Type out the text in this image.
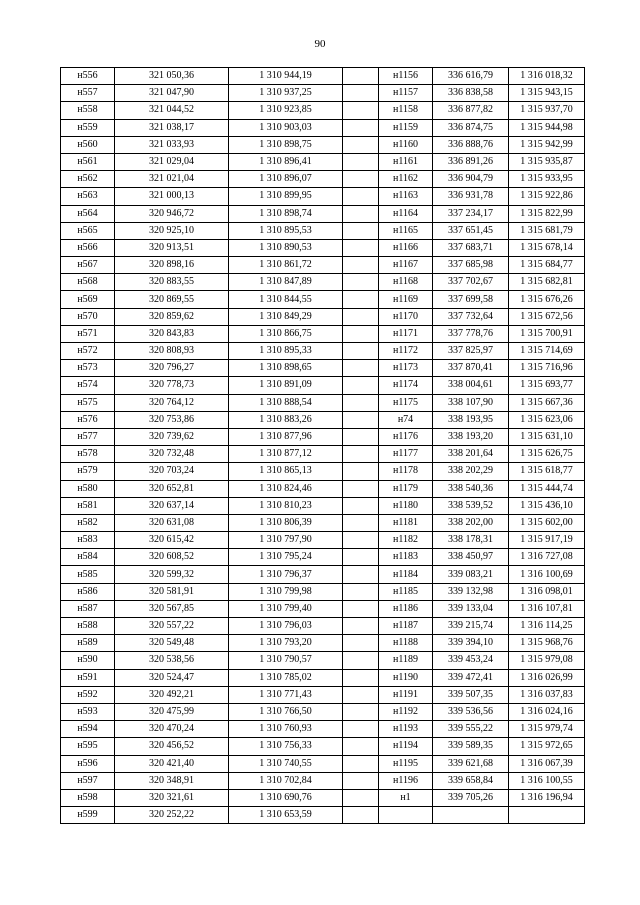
90
н556	321 050,36	1 310 944,19		н1156	336 616,79	1 316 018,32
н557	321 047,90	1 310 937,25		н1157	336 838,58	1 315 943,15
н558	321 044,52	1 310 923,85		н1158	336 877,82	1 315 937,70
н559	321 038,17	1 310 903,03		н1159	336 874,75	1 315 944,98
н560	321 033,93	1 310 898,75		н1160	336 888,76	1 315 942,99
н561	321 029,04	1 310 896,41		н1161	336 891,26	1 315 935,87
н562	321 021,04	1 310 896,07		н1162	336 904,79	1 315 933,95
н563	321 000,13	1 310 899,95		н1163	336 931,78	1 315 922,86
н564	320 946,72	1 310 898,74		н1164	337 234,17	1 315 822,99
н565	320 925,10	1 310 895,53		н1165	337 651,45	1 315 681,79
н566	320 913,51	1 310 890,53		н1166	337 683,71	1 315 678,14
н567	320 898,16	1 310 861,72		н1167	337 685,98	1 315 684,77
н568	320 883,55	1 310 847,89		н1168	337 702,67	1 315 682,81
н569	320 869,55	1 310 844,55		н1169	337 699,58	1 315 676,26
н570	320 859,62	1 310 849,29		н1170	337 732,64	1 315 672,56
н571	320 843,83	1 310 866,75		н1171	337 778,76	1 315 700,91
н572	320 808,93	1 310 895,33		н1172	337 825,97	1 315 714,69
н573	320 796,27	1 310 898,65		н1173	337 870,41	1 315 716,96
н574	320 778,73	1 310 891,09		н1174	338 004,61	1 315 693,77
н575	320 764,12	1 310 888,54		н1175	338 107,90	1 315 667,36
н576	320 753,86	1 310 883,26		н74	338 193,95	1 315 623,06
н577	320 739,62	1 310 877,96		н1176	338 193,20	1 315 631,10
н578	320 732,48	1 310 877,12		н1177	338 201,64	1 315 626,75
н579	320 703,24	1 310 865,13		н1178	338 202,29	1 315 618,77
н580	320 652,81	1 310 824,46		н1179	338 540,36	1 315 444,74
н581	320 637,14	1 310 810,23		н1180	338 539,52	1 315 436,10
н582	320 631,08	1 310 806,39		н1181	338 202,00	1 315 602,00
н583	320 615,42	1 310 797,90		н1182	338 178,31	1 315 917,19
н584	320 608,52	1 310 795,24		н1183	338 450,97	1 316 727,08
н585	320 599,32	1 310 796,37		н1184	339 083,21	1 316 100,69
н586	320 581,91	1 310 799,98		н1185	339 132,98	1 316 098,01
н587	320 567,85	1 310 799,40		н1186	339 133,04	1 316 107,81
н588	320 557,22	1 310 796,03		н1187	339 215,74	1 316 114,25
н589	320 549,48	1 310 793,20		н1188	339 394,10	1 315 968,76
н590	320 538,56	1 310 790,57		н1189	339 453,24	1 315 979,08
н591	320 524,47	1 310 785,02		н1190	339 472,41	1 316 026,99
н592	320 492,21	1 310 771,43		н1191	339 507,35	1 316 037,83
н593	320 475,99	1 310 766,50		н1192	339 536,56	1 316 024,16
н594	320 470,24	1 310 760,93		н1193	339 555,22	1 315 979,74
н595	320 456,52	1 310 756,33		н1194	339 589,35	1 315 972,65
н596	320 421,40	1 310 740,55		н1195	339 621,68	1 316 067,39
н597	320 348,91	1 310 702,84		н1196	339 658,84	1 316 100,55
н598	320 321,61	1 310 690,76		н1	339 705,26	1 316 196,94
н599	320 252,22	1 310 653,59				
